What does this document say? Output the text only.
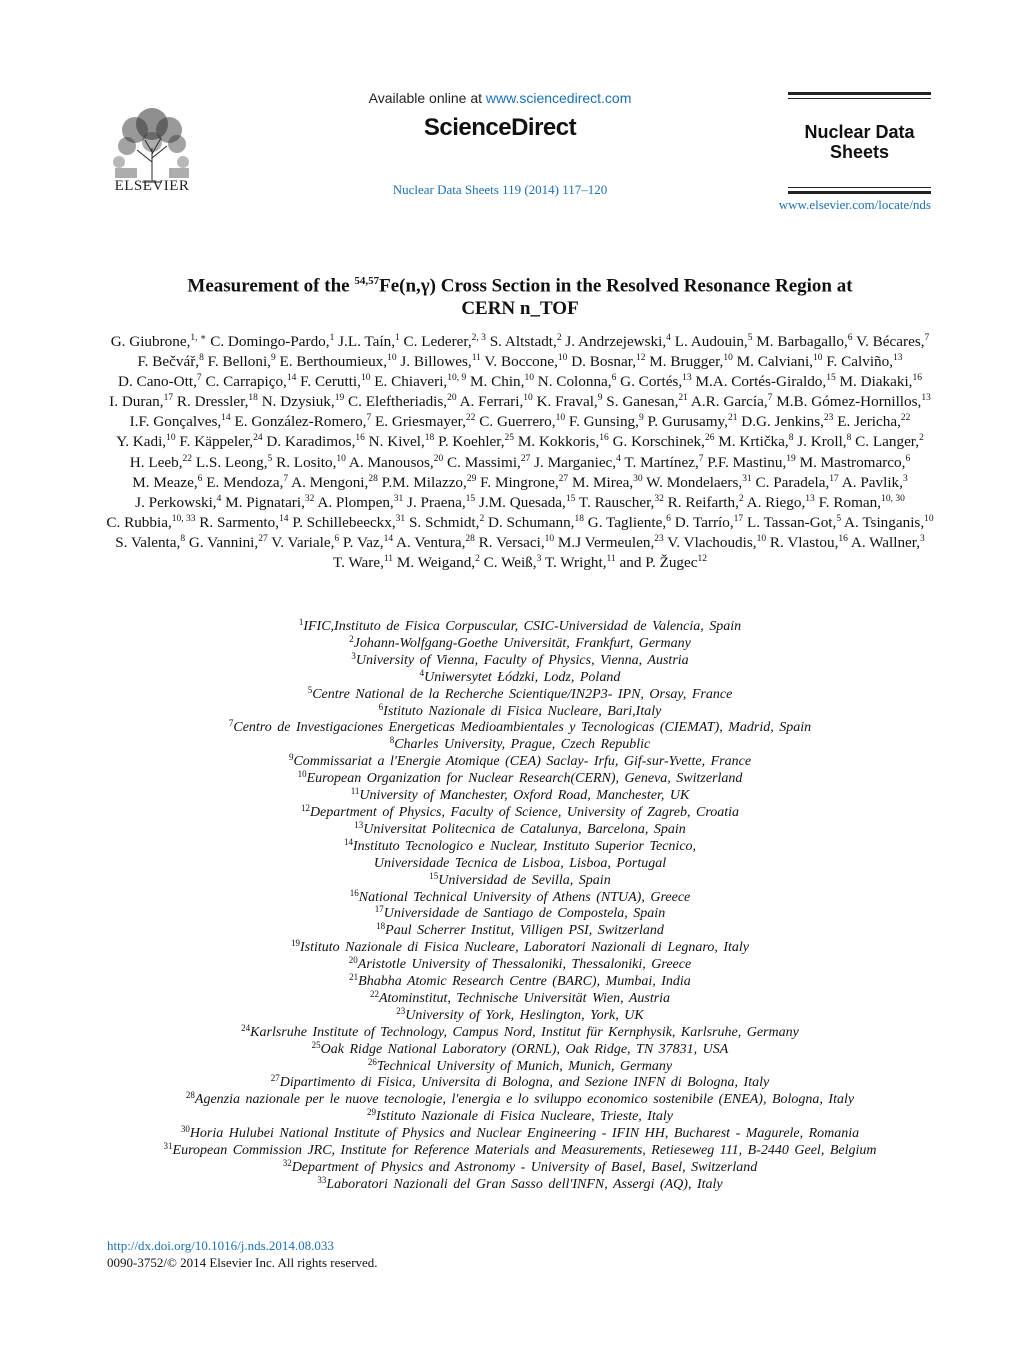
ELSEVIER
Available online at www.sciencedirect.com
ScienceDirect
Nuclear Data Sheets 119 (2014) 117–120
Nuclear Data
Sheets
www.elsevier.com/locate/nds
Measurement of the $^{54,57}$Fe(n,γ) Cross Section in the Resolved Resonance Region at
CERN n_TOF
G. Giubrone,$^{1, ∗}$ C. Domingo-Pardo,$^1$ J.L. Taín,$^1$ C. Lederer,$^{2, 3}$ S. Altstadt,$^2$ J. Andrzejewski,$^4$ L. Audouin,$^5$ M. Barbagallo,$^6$ V. Bécares,$^7$ F. Bečvář,$^8$ F. Belloni,$^9$ E. Berthoumieux,$^{10}$ J. Billowes,$^{11}$ V. Boccone,$^{10}$ D. Bosnar,$^{12}$ M. Brugger,$^{10}$ M. Calviani,$^{10}$ F. Calviño,$^{13}$ D. Cano-Ott,$^7$ C. Carrapiço,$^{14}$ F. Cerutti,$^{10}$ E. Chiaveri,$^{10, 9}$ M. Chin,$^{10}$ N. Colonna,$^6$ G. Cortés,$^{13}$ M.A. Cortés-Giraldo,$^{15}$ M. Diakaki,$^{16}$ I. Duran,$^{17}$ R. Dressler,$^{18}$ N. Dzysiuk,$^{19}$ C. Eleftheriadis,$^{20}$ A. Ferrari,$^{10}$ K. Fraval,$^9$ S. Ganesan,$^{21}$ A.R. García,$^7$ M.B. Gómez-Hornillos,$^{13}$ I.F. Gonçalves,$^{14}$ E. González-Romero,$^7$ E. Griesmayer,$^{22}$ C. Guerrero,$^{10}$ F. Gunsing,$^9$ P. Gurusamy,$^{21}$ D.G. Jenkins,$^{23}$ E. Jericha,$^{22}$ Y. Kadi,$^{10}$ F. Käppeler,$^{24}$ D. Karadimos,$^{16}$ N. Kivel,$^{18}$ P. Koehler,$^{25}$ M. Kokkoris,$^{16}$ G. Korschinek,$^{26}$ M. Krtička,$^8$ J. Kroll,$^8$ C. Langer,$^2$ H. Leeb,$^{22}$ L.S. Leong,$^5$ R. Losito,$^{10}$ A. Manousos,$^{20}$ C. Massimi,$^{27}$ J. Marganiec,$^4$ T. Martínez,$^7$ P.F. Mastinu,$^{19}$ M. Mastromarco,$^6$ M. Meaze,$^6$ E. Mendoza,$^7$ A. Mengoni,$^{28}$ P.M. Milazzo,$^{29}$ F. Mingrone,$^{27}$ M. Mirea,$^{30}$ W. Mondelaers,$^{31}$ C. Paradela,$^{17}$ A. Pavlik,$^3$ J. Perkowski,$^4$ M. Pignatari,$^{32}$ A. Plompen,$^{31}$ J. Praena,$^{15}$ J.M. Quesada,$^{15}$ T. Rauscher,$^{32}$ R. Reifarth,$^2$ A. Riego,$^{13}$ F. Roman,$^{10, 30}$ C. Rubbia,$^{10, 33}$ R. Sarmento,$^{14}$ P. Schillebeeckx,$^{31}$ S. Schmidt,$^2$ D. Schumann,$^{18}$ G. Tagliente,$^6$ D. Tarrío,$^{17}$ L. Tassan-Got,$^5$ A. Tsinganis,$^{10}$ S. Valenta,$^8$ G. Vannini,$^{27}$ V. Variale,$^6$ P. Vaz,$^{14}$ A. Ventura,$^{28}$ R. Versaci,$^{10}$ M.J Vermeulen,$^{23}$ V. Vlachoudis,$^{10}$ R. Vlastou,$^{16}$ A. Wallner,$^3$ T. Ware,$^{11}$ M. Weigand,$^2$ C. Weiß,$^3$ T. Wright,$^{11}$ and P. Žugec$^{12}$
$^1$IFIC,Instituto de Fisica Corpuscular, CSIC-Universidad de Valencia, Spain
$^2$Johann-Wolfgang-Goethe Universität, Frankfurt, Germany
$^3$University of Vienna, Faculty of Physics, Vienna, Austria
$^4$Uniwersytet Łódzki, Lodz, Poland
$^5$Centre National de la Recherche Scientique/IN2P3- IPN, Orsay, France
$^6$Istituto Nazionale di Fisica Nucleare, Bari,Italy
$^7$Centro de Investigaciones Energeticas Medioambientales y Tecnologicas (CIEMAT), Madrid, Spain
$^8$Charles University, Prague, Czech Republic
$^9$Commissariat a l'Energie Atomique (CEA) Saclay- Irfu, Gif-sur-Yvette, France
$^{10}$European Organization for Nuclear Research(CERN), Geneva, Switzerland
$^{11}$University of Manchester, Oxford Road, Manchester, UK
$^{12}$Department of Physics, Faculty of Science, University of Zagreb, Croatia
$^{13}$Universitat Politecnica de Catalunya, Barcelona, Spain
$^{14}$Instituto Tecnologico e Nuclear, Instituto Superior Tecnico,
Universidade Tecnica de Lisboa, Lisboa, Portugal
$^{15}$Universidad de Sevilla, Spain
$^{16}$National Technical University of Athens (NTUA), Greece
$^{17}$Universidade de Santiago de Compostela, Spain
$^{18}$Paul Scherrer Institut, Villigen PSI, Switzerland
$^{19}$Istituto Nazionale di Fisica Nucleare, Laboratori Nazionali di Legnaro, Italy
$^{20}$Aristotle University of Thessaloniki, Thessaloniki, Greece
$^{21}$Bhabha Atomic Research Centre (BARC), Mumbai, India
$^{22}$Atominstitut, Technische Universität Wien, Austria
$^{23}$University of York, Heslington, York, UK
$^{24}$Karlsruhe Institute of Technology, Campus Nord, Institut für Kernphysik, Karlsruhe, Germany
$^{25}$Oak Ridge National Laboratory (ORNL), Oak Ridge, TN 37831, USA
$^{26}$Technical University of Munich, Munich, Germany
$^{27}$Dipartimento di Fisica, Universita di Bologna, and Sezione INFN di Bologna, Italy
$^{28}$Agenzia nazionale per le nuove tecnologie, l'energia e lo sviluppo economico sostenibile (ENEA), Bologna, Italy
$^{29}$Istituto Nazionale di Fisica Nucleare, Trieste, Italy
$^{30}$Horia Hulubei National Institute of Physics and Nuclear Engineering - IFIN HH, Bucharest - Magurele, Romania
$^{31}$European Commission JRC, Institute for Reference Materials and Measurements, Retieseweg 111, B-2440 Geel, Belgium
$^{32}$Department of Physics and Astronomy - University of Basel, Basel, Switzerland
$^{33}$Laboratori Nazionali del Gran Sasso dell'INFN, Assergi (AQ), Italy
http://dx.doi.org/10.1016/j.nds.2014.08.033
0090-3752/© 2014 Elsevier Inc. All rights reserved.
